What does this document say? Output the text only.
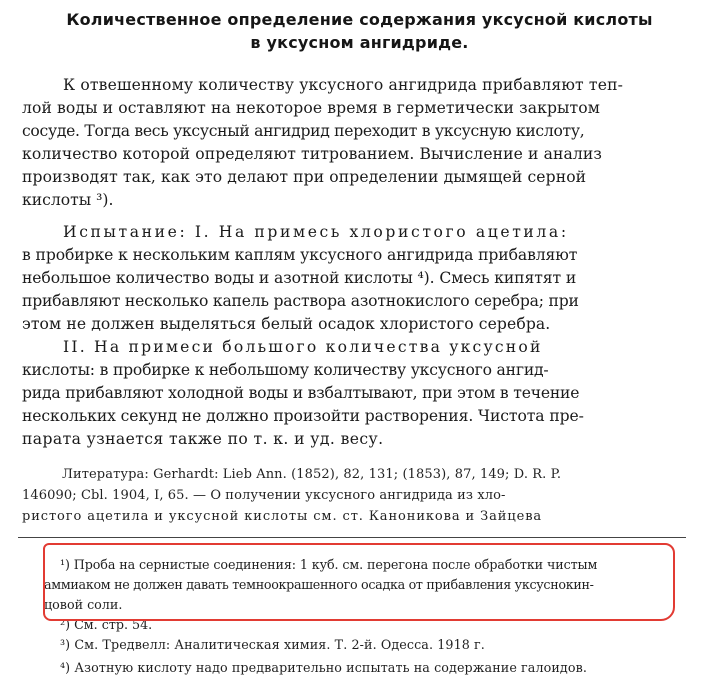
Количественное определение содержания уксусной кислоты
в уксусном ангидриде.
К отвешенному количеству уксусного ангидрида прибавляют теп-
лой воды и оставляют на некоторое время в герметически закрытом
сосуде. Тогда весь уксусный ангидрид переходит в уксусную кислоту,
количество которой определяют титрованием. Вычисление и анализ
производят так, как это делают при определении дымящей серной
кислоты ³).
Испытание: I. На примесь хлористого ацетила:
в пробирке к нескольким каплям уксусного ангидрида прибавляют
небольшое количество воды и азотной кислоты ⁴). Смесь кипятят и
прибавляют несколько капель раствора азотнокислого серебра; при
этом не должен выделяться белый осадок хлористого серебра.
II. На примеси большого количества уксусной
кислоты: в пробирке к небольшому количеству уксусного ангид-
рида прибавляют холодной воды и взбалтывают, при этом в течение
нескольких секунд не должно произойти растворения. Чистота пре-
парата узнается также по т. к. и уд. весу.
Литература: Gerhardt: Lieb Ann. (1852), 82, 131; (1853), 87, 149; D. R. P.
146090; Cbl. 1904, I, 65. — О получении уксусного ангидрида из хло-
ристого ацетила и уксусной кислоты см. ст. Каноникова и Зайцева
¹) Проба на сернистые соединения: 1 куб. см. перегона после обработки чистым
аммиаком не должен давать темноокрашенного осадка от прибавления уксуснокин-
цовой соли.
²) См. стр. 54.
³) См. Тредвелл: Аналитическая химия. Т. 2-й. Одесса. 1918 г.
⁴) Азотную кислоту надо предварительно испытать на содержание галоидов.
